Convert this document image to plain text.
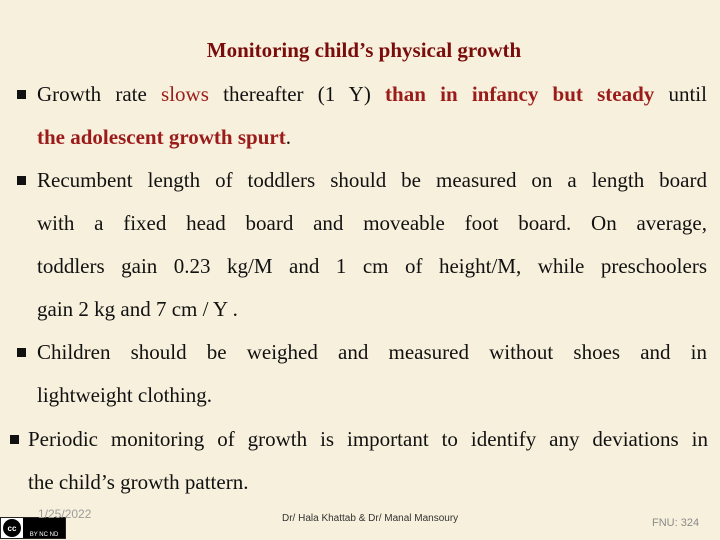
Monitoring child’s physical growth
Growth rate slows thereafter (1 Y) than in infancy but steady until
the adolescent growth spurt.
Recumbent length of toddlers should be measured on a length board
with a fixed head board and moveable foot board. On average,
toddlers gain 0.23 kg/M and 1 cm of height/M, while preschoolers
gain 2 kg and 7 cm / Y .
Children should be weighed and measured without shoes and in
lightweight clothing.
Periodic monitoring of growth is important to identify any deviations in
the child’s growth pattern.
cc
BY NC ND
1/25/2022	Dr/ Hala Khattab & Dr/ Manal Mansoury	FNU: 324
